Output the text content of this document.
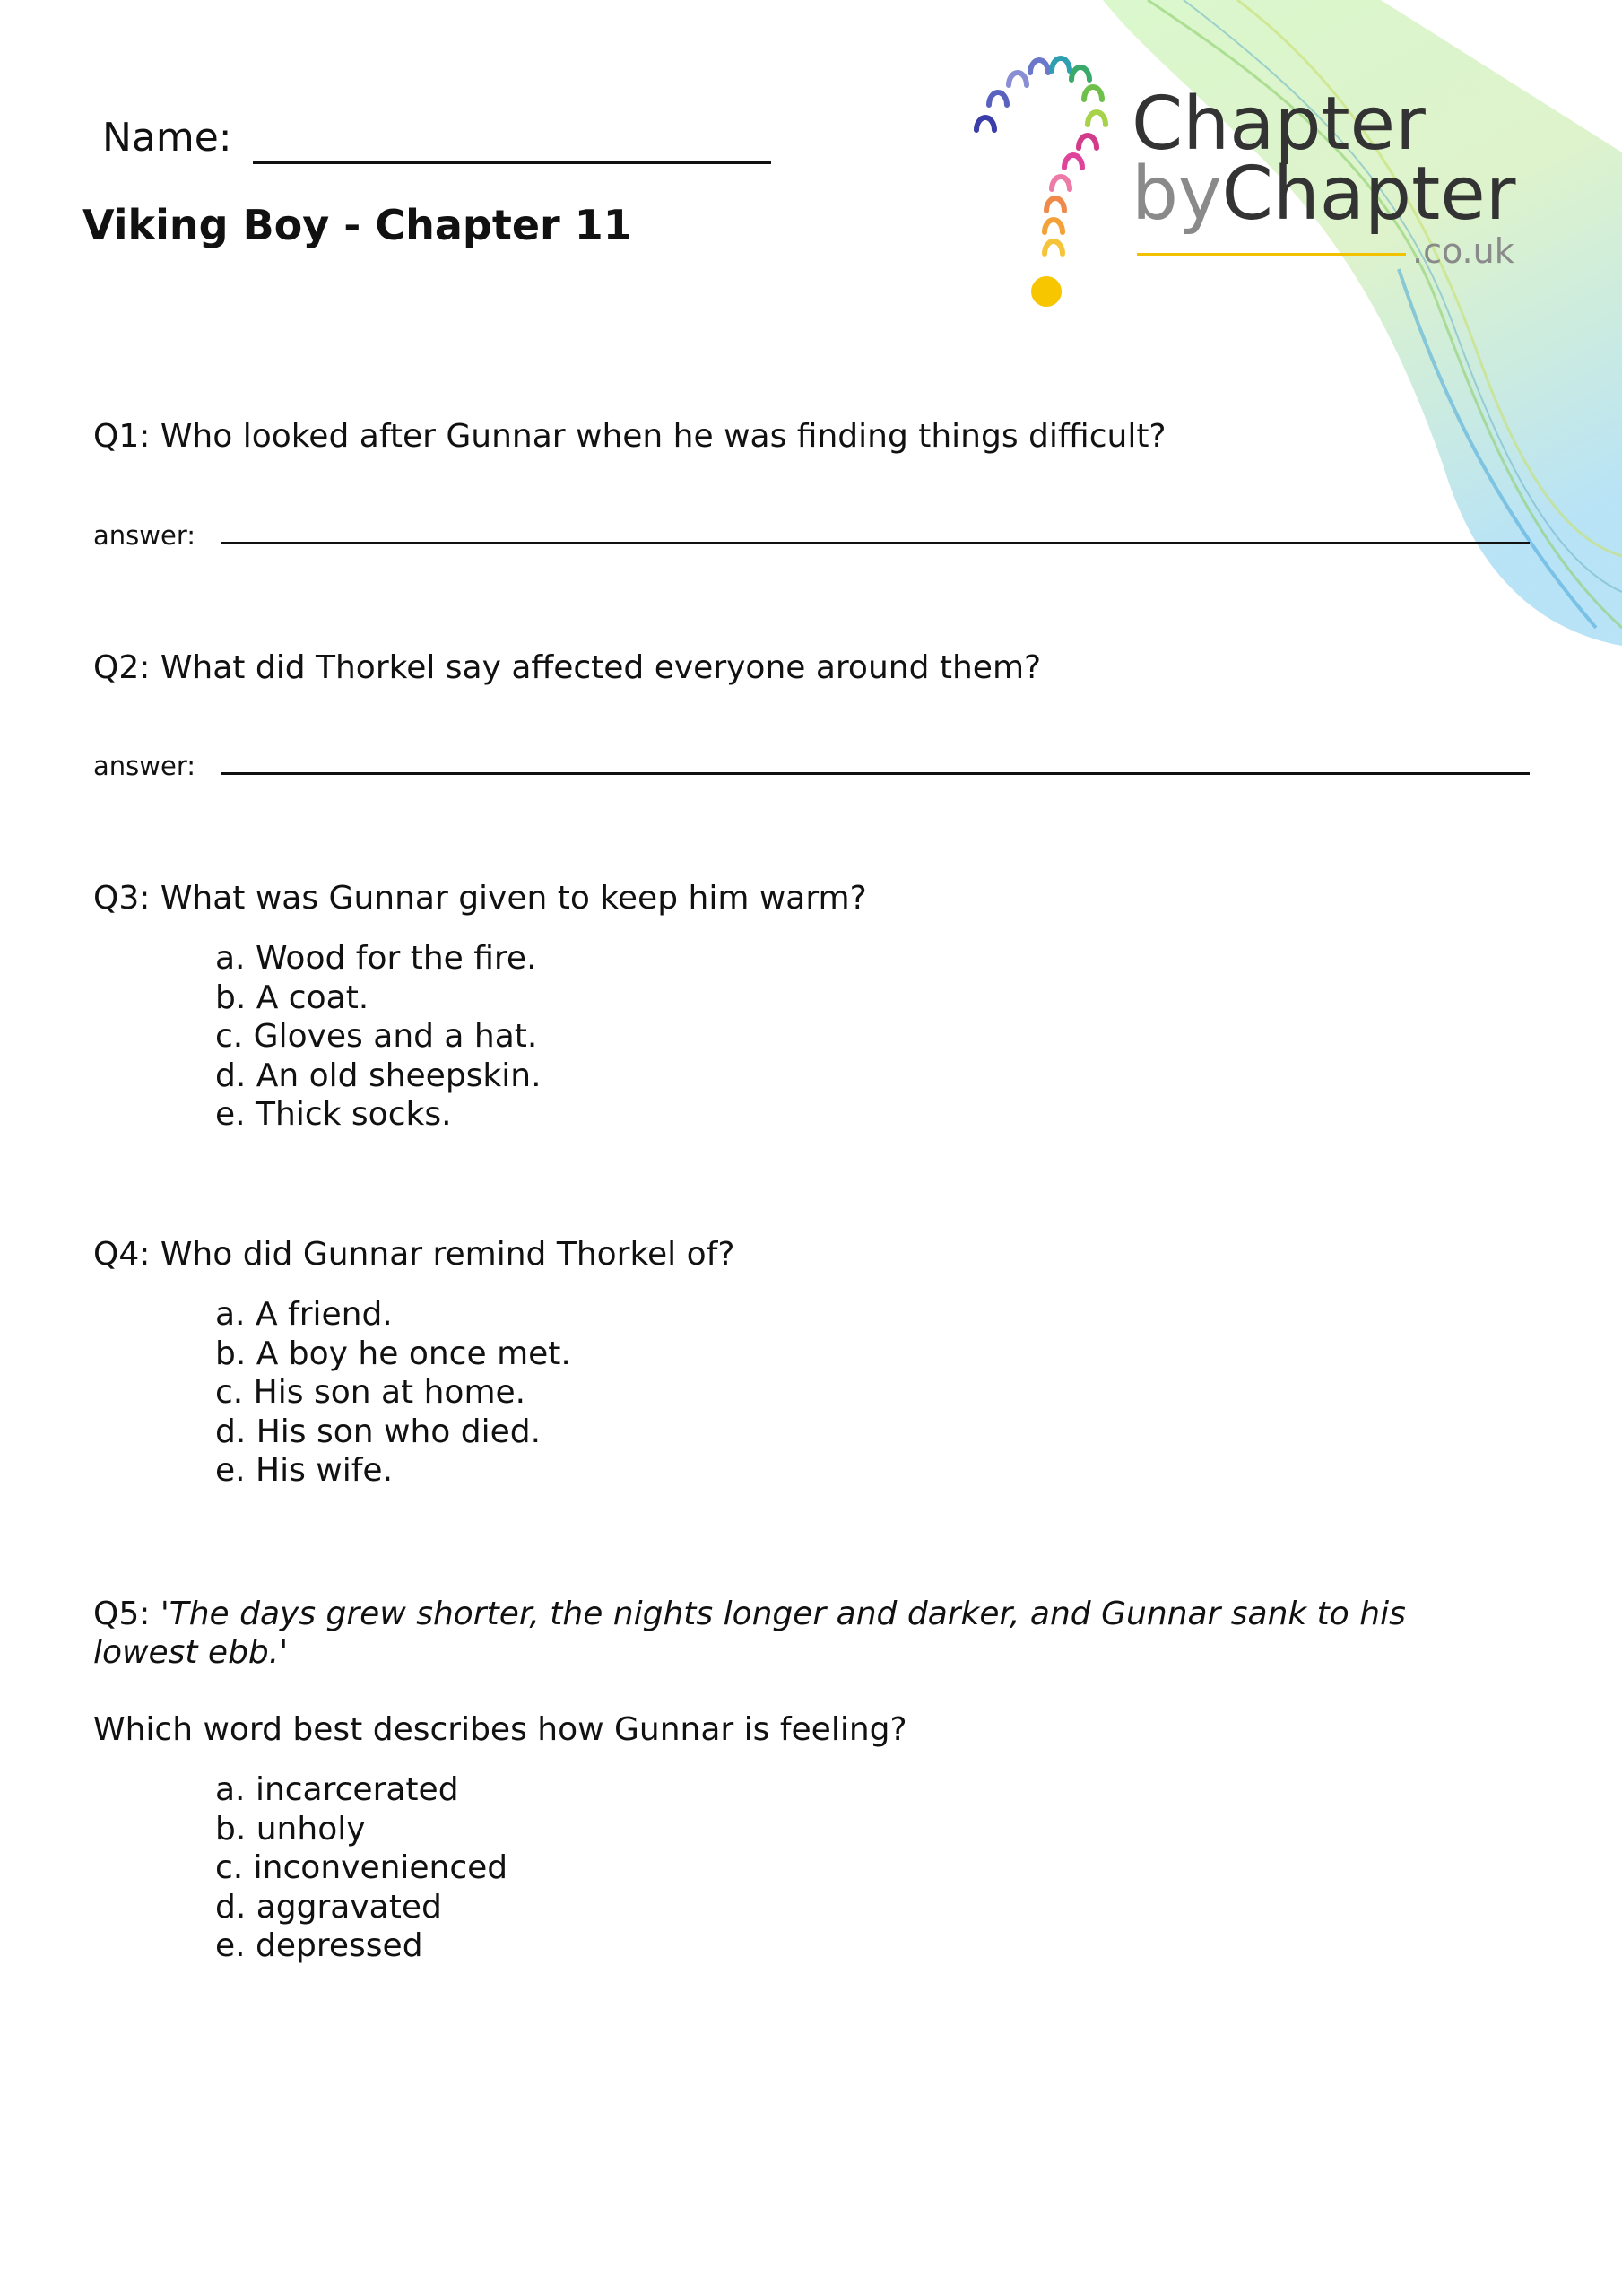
Name:
Viking Boy - Chapter 11
Chapter
byChapter
.co.uk
Q1: Who looked after Gunnar when he was finding things difficult?
answer:
Q2: What did Thorkel say affected everyone around them?
answer:
Q3: What was Gunnar given to keep him warm?
a. Wood for the fire.
b. A coat.
c. Gloves and a hat.
d. An old sheepskin.
e. Thick socks.
Q4: Who did Gunnar remind Thorkel of?
a. A friend.
b. A boy he once met.
c. His son at home.
d. His son who died.
e. His wife.
Q5: 'The days grew shorter, the nights longer and darker, and Gunnar sank to his lowest ebb.'
Which word best describes how Gunnar is feeling?
a. incarcerated
b. unholy
c. inconvenienced
d. aggravated
e. depressed
